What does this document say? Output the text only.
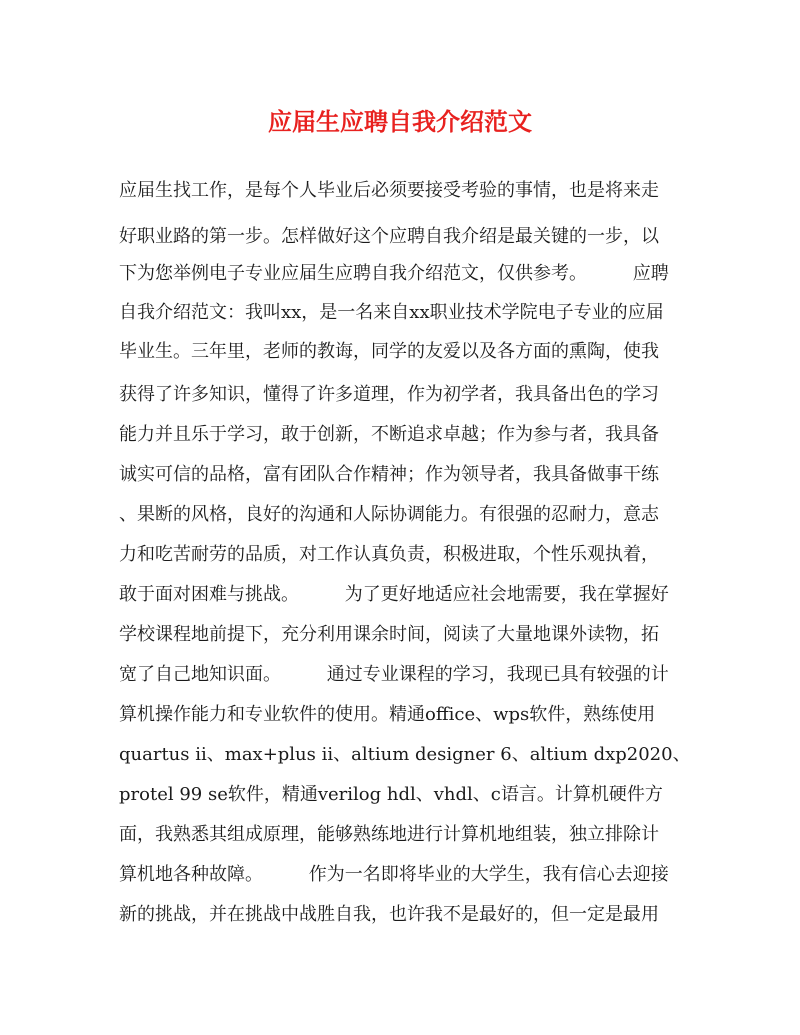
应届生应聘自我介绍范文

应届生找工作，是每个人毕业后必须要接受考验的事情，也是将来走

好职业路的第一步。怎样做好这个应聘自我介绍是最关键的一步，以

下为您举例电子专业应届生应聘自我介绍范文，仅供参考。        应聘

自我介绍范文：我叫xx，是一名来自xx职业技术学院电子专业的应届

毕业生。三年里，老师的教诲，同学的友爱以及各方面的熏陶，使我

获得了许多知识，懂得了许多道理，作为初学者，我具备出色的学习

能力并且乐于学习，敢于创新，不断追求卓越；作为参与者，我具备

诚实可信的品格，富有团队合作精神；作为领导者，我具备做事干练

、果断的风格，良好的沟通和人际协调能力。有很强的忍耐力，意志

力和吃苦耐劳的品质，对工作认真负责，积极进取，个性乐观执着，

敢于面对困难与挑战。        为了更好地适应社会地需要，我在掌握好

学校课程地前提下，充分利用课余时间，阅读了大量地课外读物，拓

宽了自己地知识面。        通过专业课程的学习，我现已具有较强的计

算机操作能力和专业软件的使用。精通office、wps软件，熟练使用

quartus ii、max+plus ii、altium designer 6、altium dxp2020、

protel 99 se软件，精通verilog hdl、vhdl、c语言。计算机硬件方

面，我熟悉其组成原理，能够熟练地进行计算机地组装，独立排除计

算机地各种故障。        作为一名即将毕业的大学生，我有信心去迎接

新的挑战，并在挑战中战胜自我，也许我不是最好的，但一定是最用
